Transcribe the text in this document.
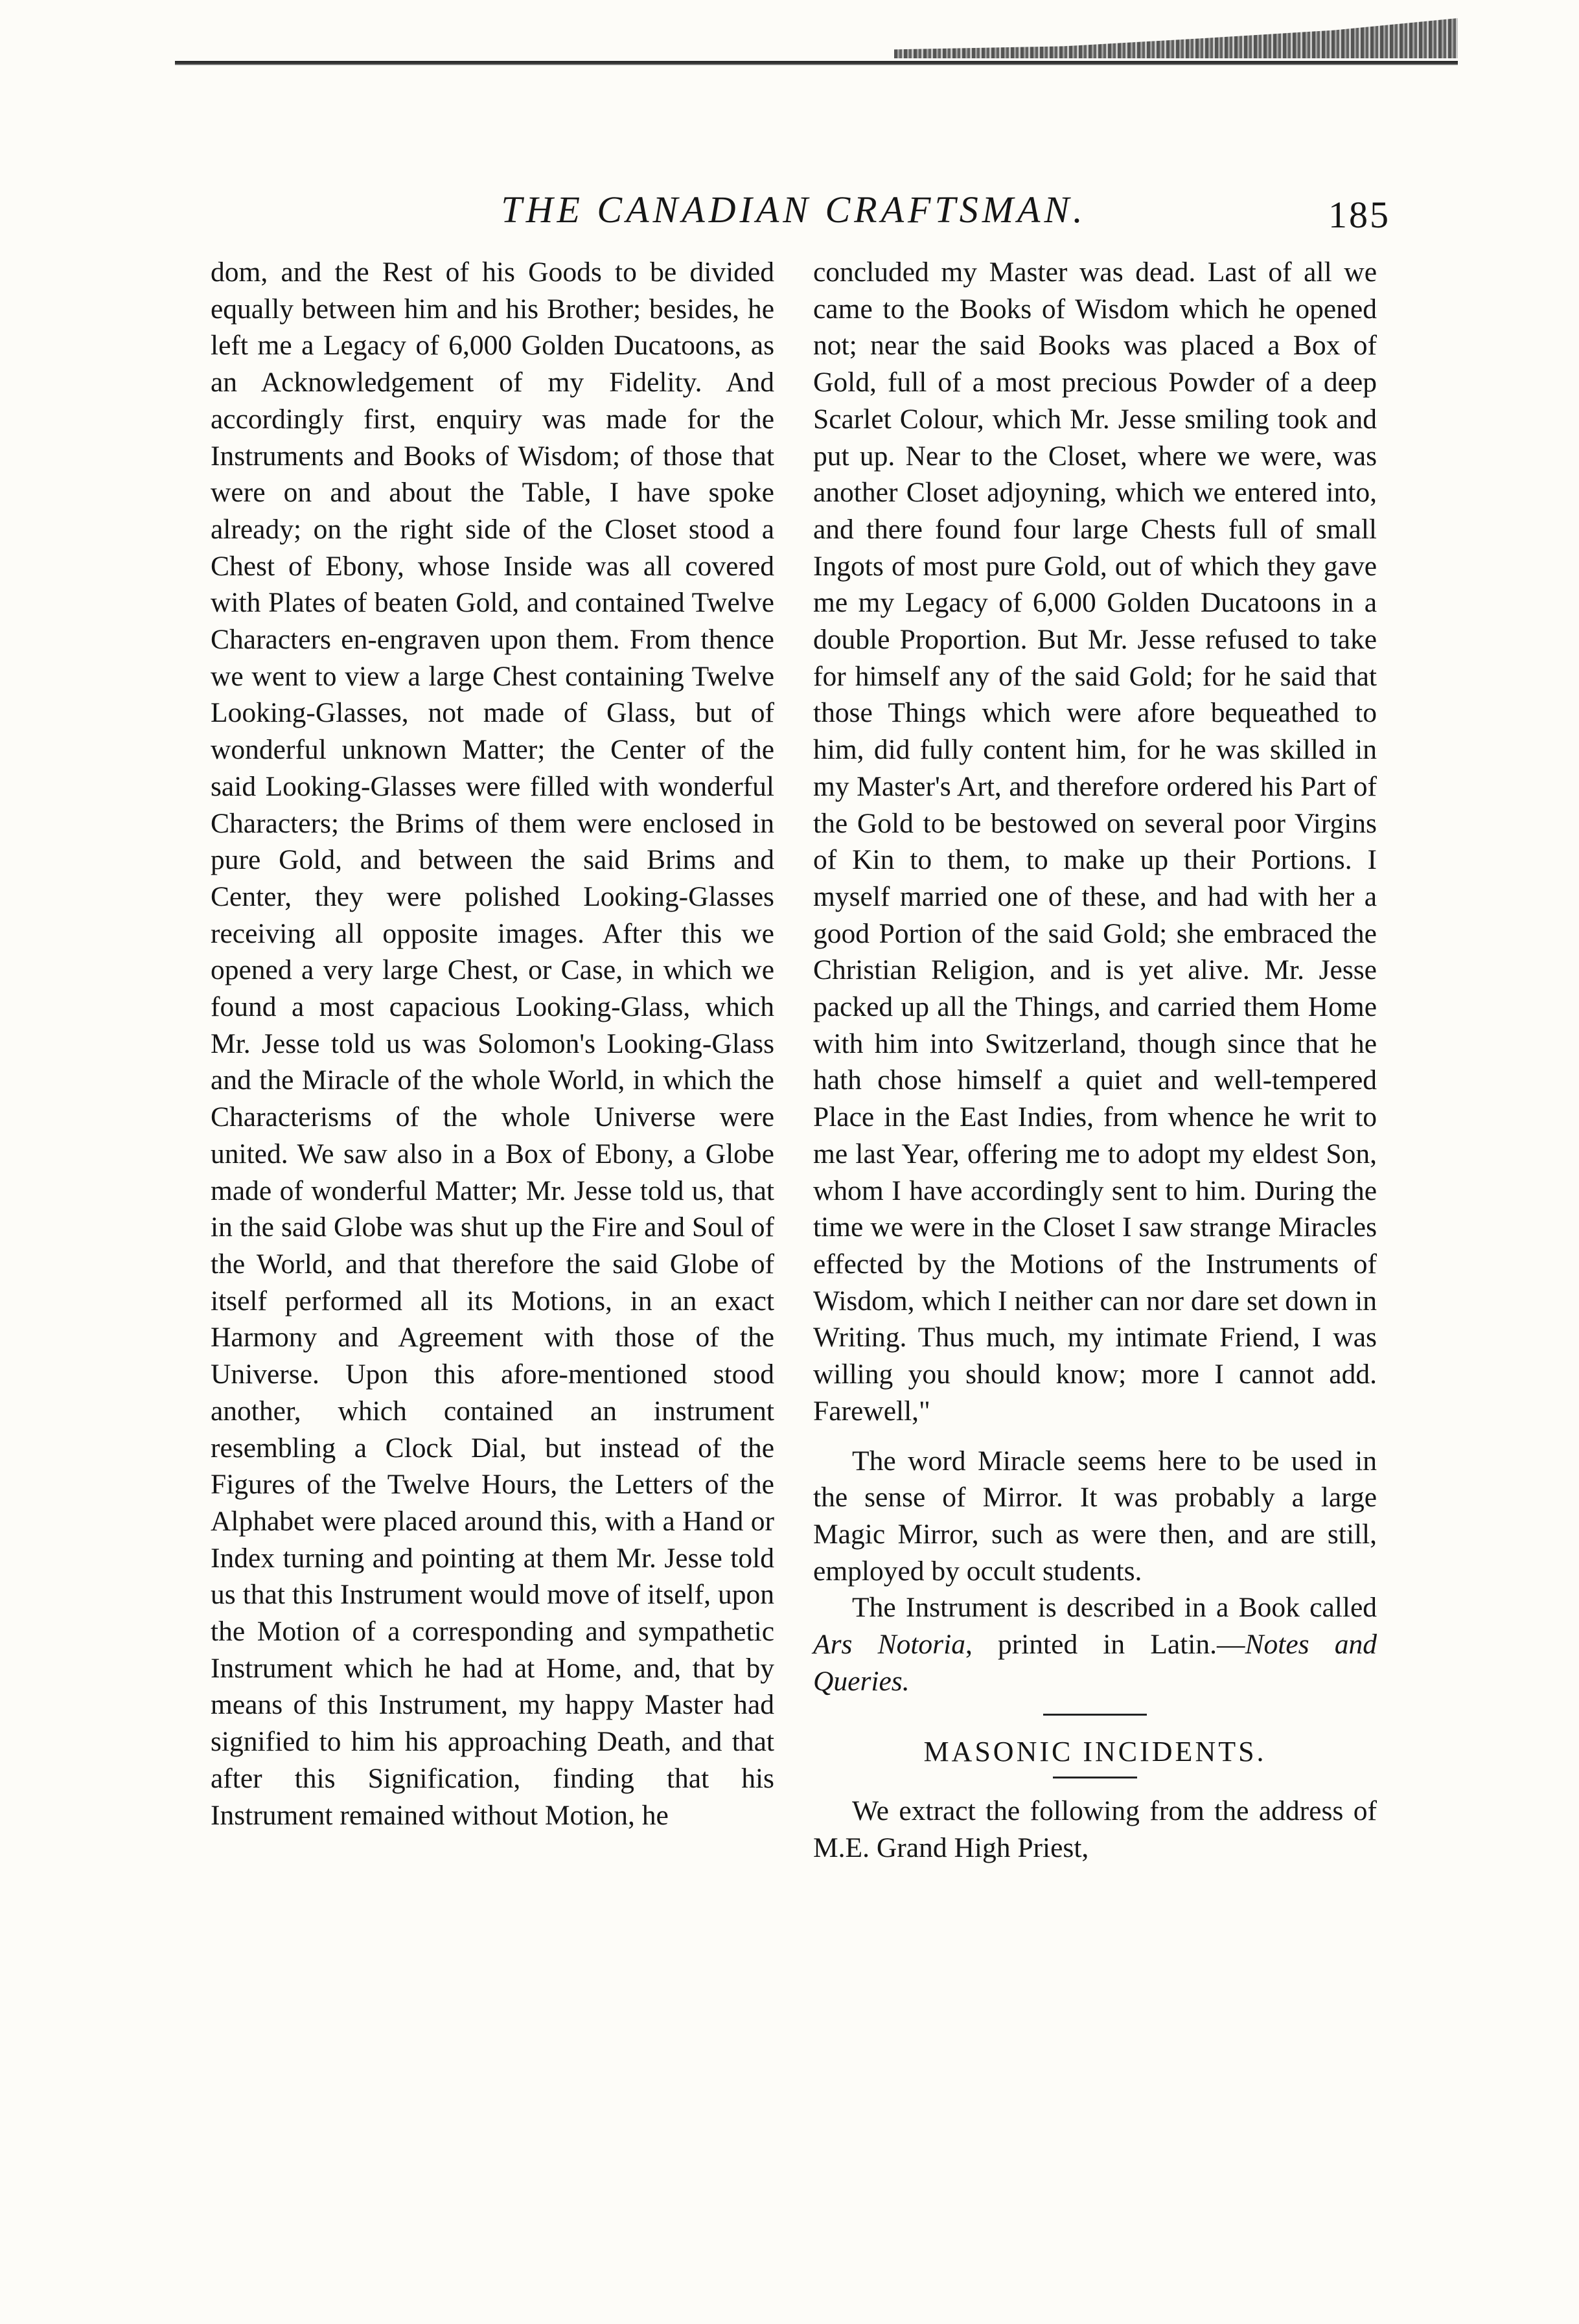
THE CANADIAN CRAFTSMAN.	185

dom, and the Rest of his Goods to be divided equally between him and his Brother; besides, he left me a Legacy of 6,000 Golden Ducatoons, as an Acknowledgement of my Fidelity. And accordingly first, enquiry was made for the Instruments and Books of Wisdom; of those that were on and about the Table, I have spoke already; on the right side of the Closet stood a Chest of Ebony, whose Inside was all covered with Plates of beaten Gold, and contained Twelve Characters en-engraven upon them. From thence we went to view a large Chest containing Twelve Looking-Glasses, not made of Glass, but of wonderful unknown Matter; the Center of the said Looking-Glasses were filled with wonderful Characters; the Brims of them were enclosed in pure Gold, and between the said Brims and Center, they were polished Looking-Glasses receiving all opposite images. After this we opened a very large Chest, or Case, in which we found a most capacious Looking-Glass, which Mr. Jesse told us was Solomon's Looking-Glass and the Miracle of the whole World, in which the Characterisms of the whole Universe were united. We saw also in a Box of Ebony, a Globe made of wonderful Matter; Mr. Jesse told us, that in the said Globe was shut up the Fire and Soul of the World, and that therefore the said Globe of itself performed all its Motions, in an exact Harmony and Agreement with those of the Universe. Upon this afore-mentioned stood another, which contained an instrument resembling a Clock Dial, but instead of the Figures of the Twelve Hours, the Letters of the Alphabet were placed around this, with a Hand or Index turning and pointing at them Mr. Jesse told us that this Instrument would move of itself, upon the Motion of a corresponding and sympathetic Instrument which he had at Home, and, that by means of this Instrument, my happy Master had signified to him his approaching Death, and that after this Signification, finding that his Instrument remained without Motion, he

concluded my Master was dead. Last of all we came to the Books of Wisdom which he opened not; near the said Books was placed a Box of Gold, full of a most precious Powder of a deep Scarlet Colour, which Mr. Jesse smiling took and put up. Near to the Closet, where we were, was another Closet adjoyning, which we entered into, and there found four large Chests full of small Ingots of most pure Gold, out of which they gave me my Legacy of 6,000 Golden Ducatoons in a double Proportion. But Mr. Jesse refused to take for himself any of the said Gold; for he said that those Things which were afore bequeathed to him, did fully content him, for he was skilled in my Master's Art, and therefore ordered his Part of the Gold to be bestowed on several poor Virgins of Kin to them, to make up their Portions. I myself married one of these, and had with her a good Portion of the said Gold; she embraced the Christian Religion, and is yet alive. Mr. Jesse packed up all the Things, and carried them Home with him into Switzerland, though since that he hath chose himself a quiet and well-tempered Place in the East Indies, from whence he writ to me last Year, offering me to adopt my eldest Son, whom I have accordingly sent to him. During the time we were in the Closet I saw strange Miracles effected by the Motions of the Instruments of Wisdom, which I neither can nor dare set down in Writing. Thus much, my intimate Friend, I was willing you should know; more I cannot add. Farewell,"

The word Miracle seems here to be used in the sense of Mirror. It was probably a large Magic Mirror, such as were then, and are still, employed by occult students.

The Instrument is described in a Book called Ars Notoria, printed in Latin.—Notes and Queries.

MASONIC INCIDENTS.

We extract the following from the address of M.E. Grand High Priest,
